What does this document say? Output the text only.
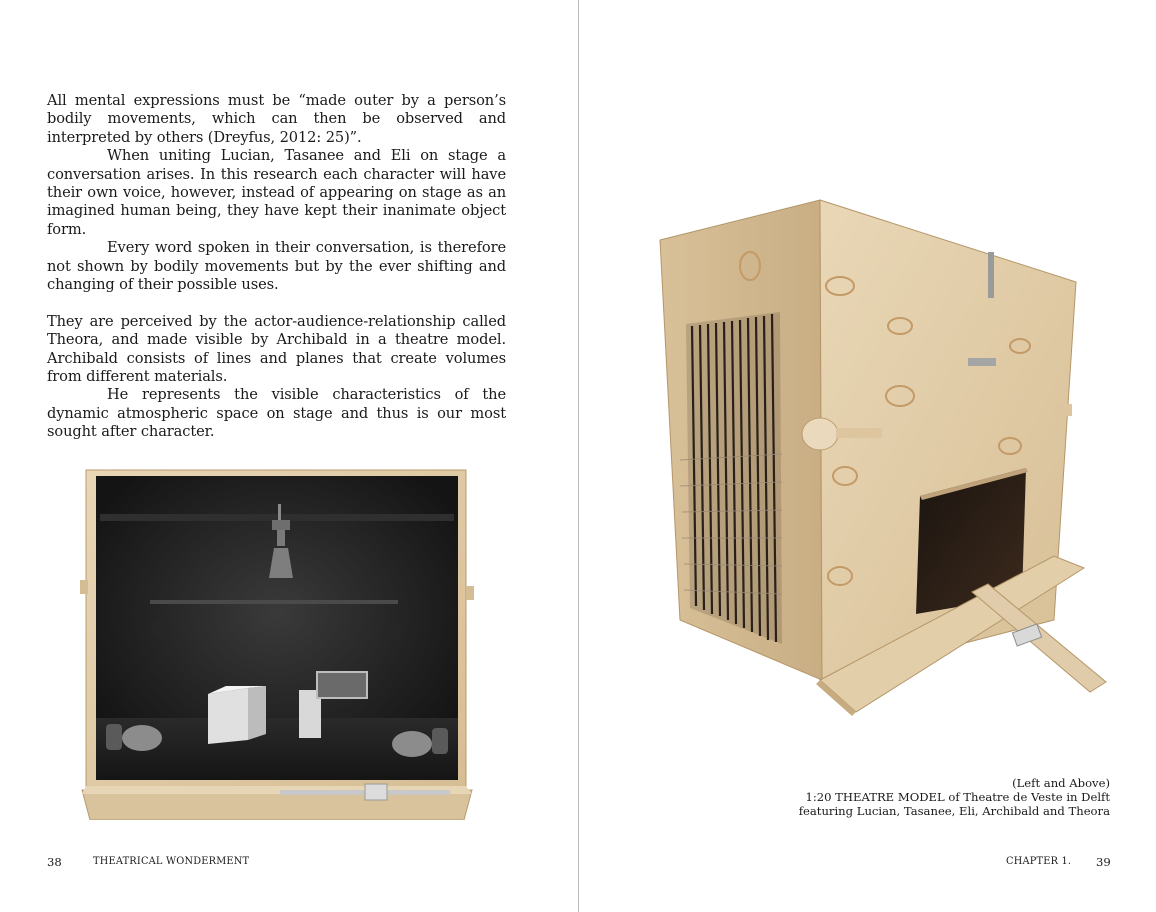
All mental expressions must be “made outer by a person’s bodily movements, which can then be observed and interpreted by others (Dreyfus, 2012: 25)”.

When uniting Lucian, Tasanee and Eli on stage a conversation arises. In this research each character will have their own voice, however, instead of appearing on stage as an imagined human being, they have kept their inanimate object form.

Every word spoken in their conversation, is therefore not shown by bodily movements but by the ever shifting and changing of their possible uses.

They are perceived by the actor-audience-relationship called Theora, and made visible by Archibald in a theatre model. Archibald consists of lines and planes that create volumes from different materials.

He represents the visible characteristics of the dynamic atmospheric space on stage and thus is our most sought after character.

38	THEATRICAL WONDERMENT
(Left and Above)
1:20 THEATRE MODEL of Theatre de Veste in Delft
featuring Lucian, Tasanee, Eli, Archibald and Theora
CHAPTER 1. 39
